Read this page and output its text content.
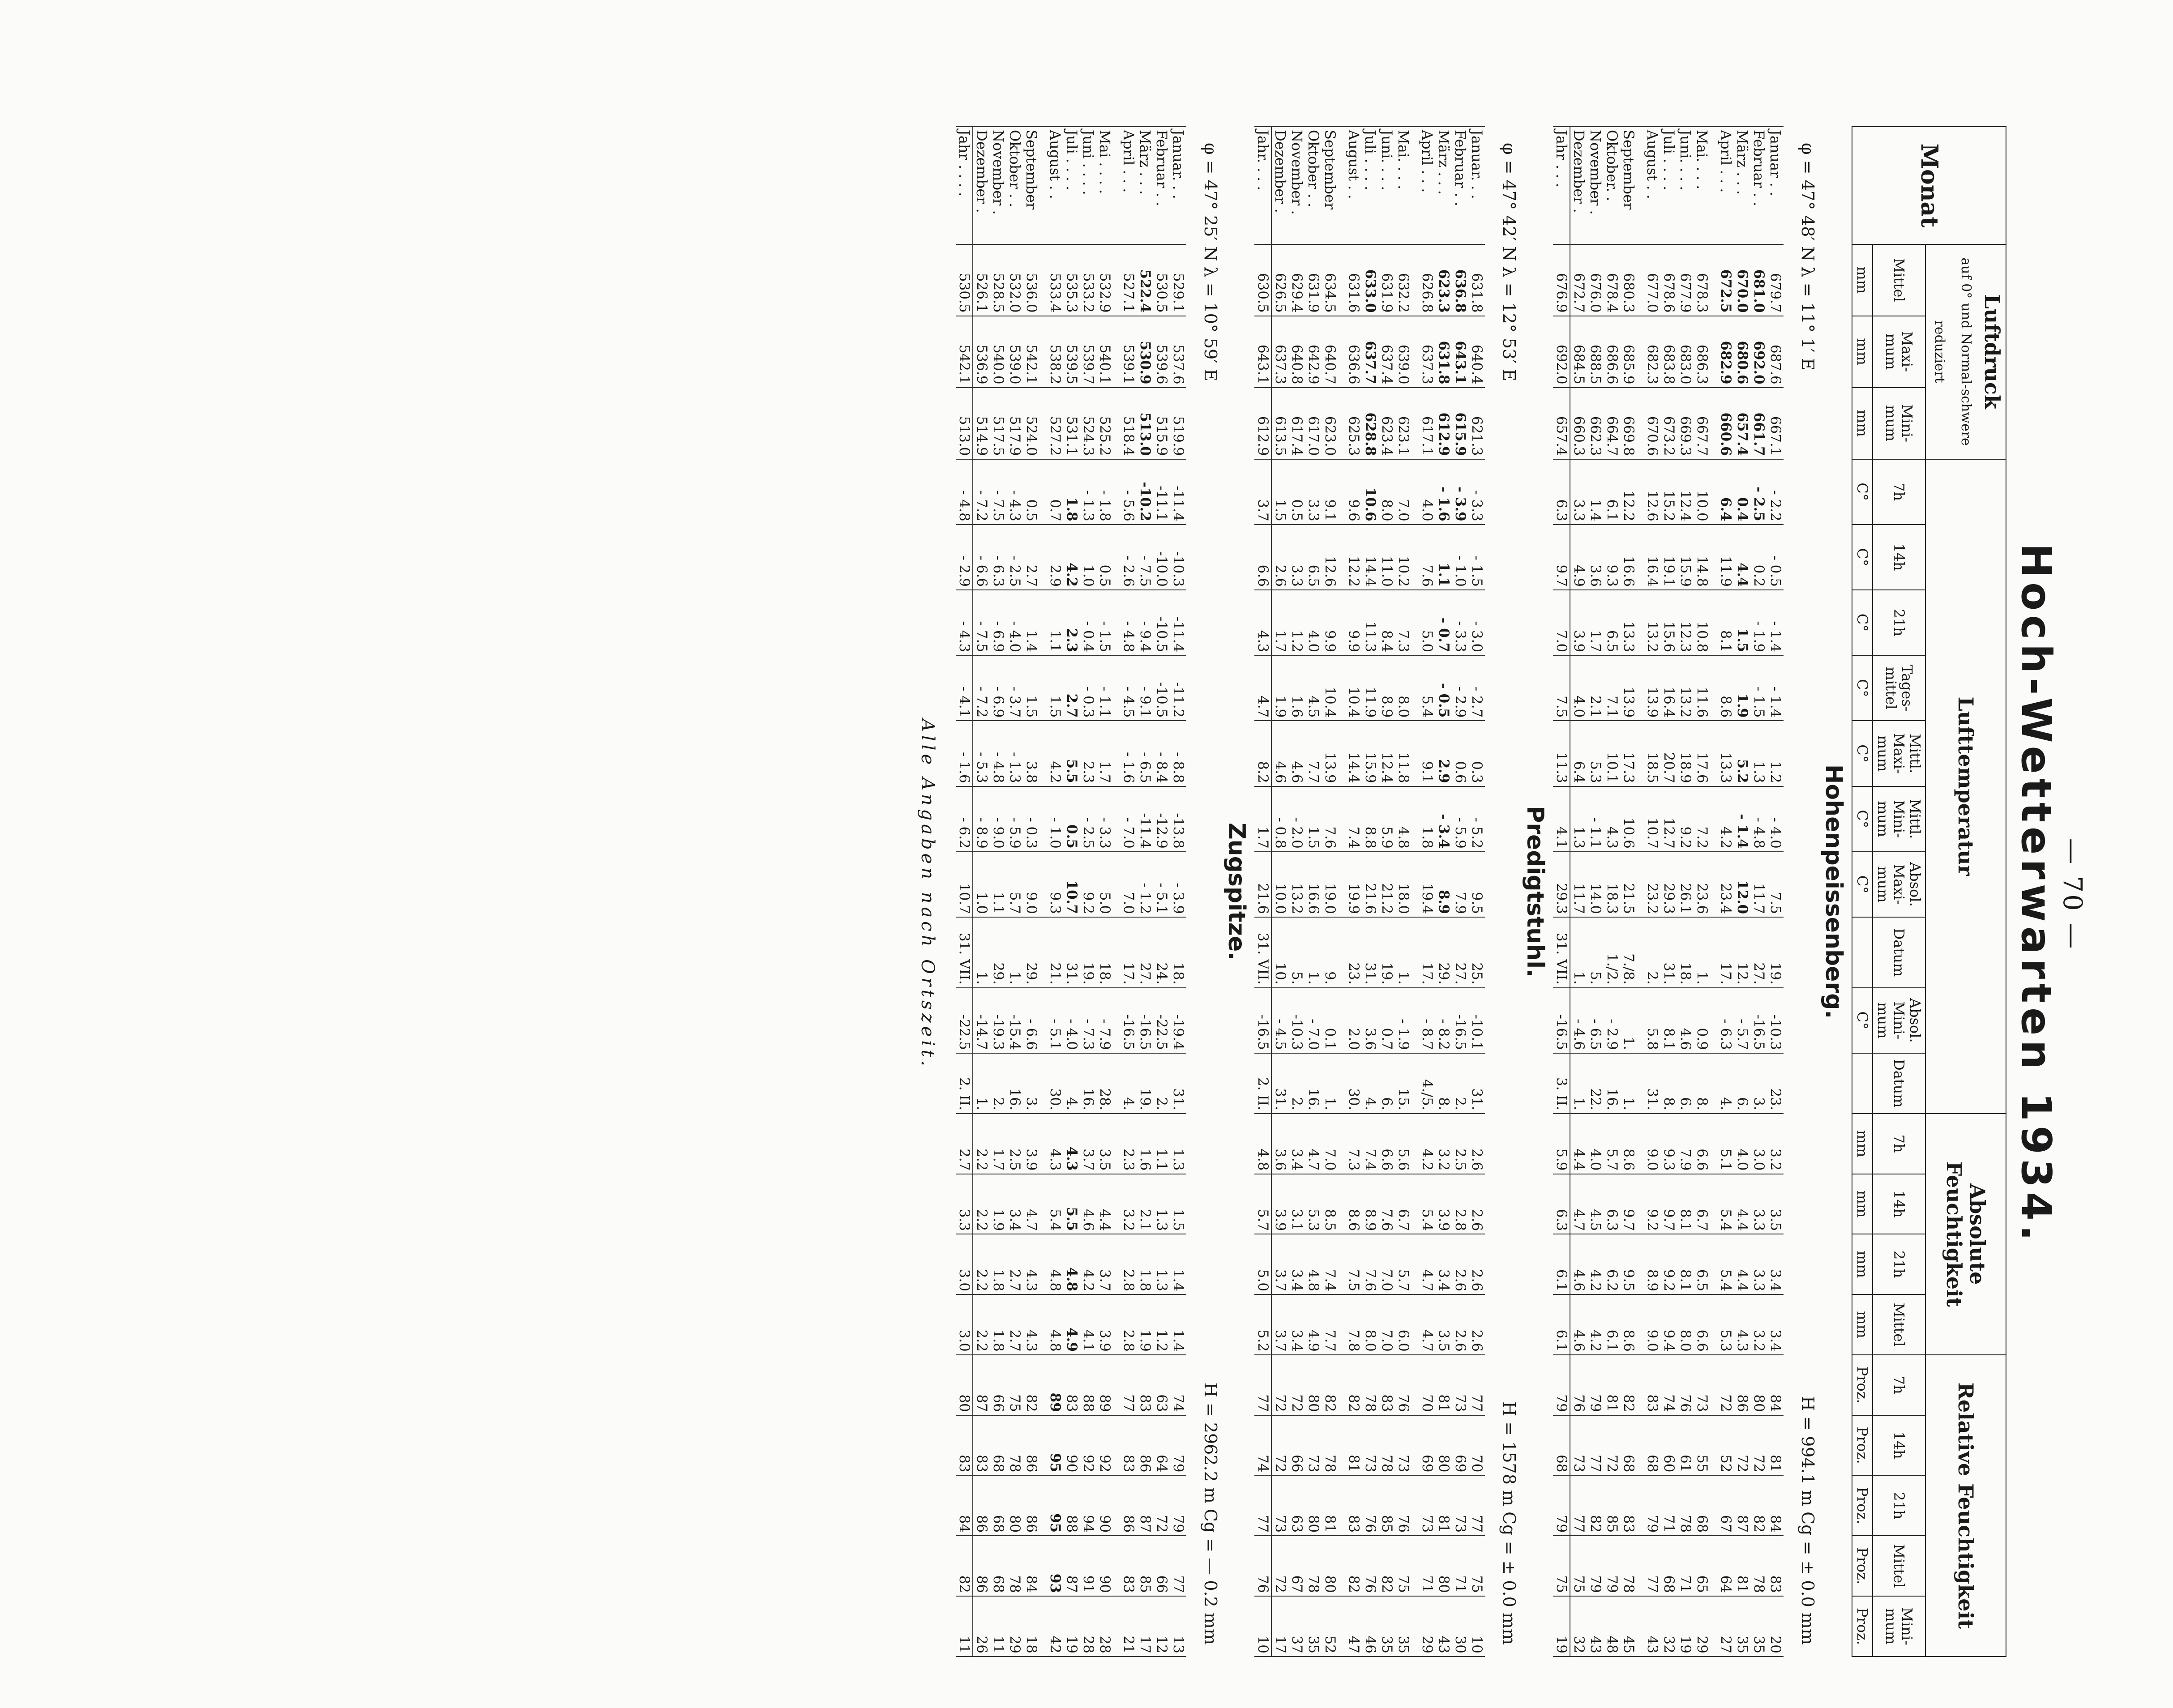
— 70 —
Hoch-Wetterwarten 1934.
Monat	Luftdruck
auf 0° und Normal-schwere reduziert			Lufttemperatur										Absolute Feuchtigkeit				Relative Feuchtigkeit				
	Mittel	Maxi-mum	Mini-mum	7h	14h	21h	Tages-mittel	Mittl. Maxi-mum	Mittl. Mini-mum	Absol. Maxi-mum	Datum	Absol. Mini-mum	Datum	7h	14h	21h	Mittel	7h	14h	21h	Mittel	Mini-mum
	mm	mm	mm	C°	C°	C°	C°	C°	C°	C°		C°		mm	mm	mm	mm	Proz.	Proz.	Proz.	Proz.	Proz.

Hohenpeissenberg.
φ = 47° 48′ N λ = 11° 1′ E
H = 994.1 m Cg = ± 0.0 mm																						

Januar . .	679.7	687.6	667.1	- 2.2	- 0.5	- 1.4	- 1.4	1.2	- 4.0	7.5	19.	-10.3	23.	3.2	3.5	3.4	3.4	84	81	84	83	20
Februar . .	681.0	692.0	661.7	- 2.5	0.2	- 1.9	- 1.5	1.3	- 4.8	11.7	27.	-16.5	3.	3.0	3.3	3.3	3.2	80	72	82	78	35
März . . .	670.0	680.6	657.4	0.4	4.4	1.5	1.9	5.2	- 1.4	12.0	12.	- 5.7	6.	4.0	4.4	4.4	4.3	86	72	87	81	35
April . . .	672.5	682.9	660.6	6.4	11.9	8.1	8.6	13.3	4.2	23.4	17.	- 6.3	4.	5.1	5.4	5.4	5.3	72	52	67	64	27
Mai. . . .	678.3	686.3	667.7	10.0	14.8	10.8	11.6	17.6	7.2	23.6	1.	0.9	8.	6.6	6.7	6.5	6.6	73	55	68	65	29
Juni. . . .	677.9	683.0	669.3	12.4	15.9	12.3	13.2	18.9	9.2	26.1	18.	4.6	6.	7.9	8.1	8.1	8.0	76	61	78	71	19
Juli . . . .	678.6	683.8	673.2	15.2	19.1	15.6	16.4	20.7	12.7	29.3	31.	8.1	8.	9.3	9.7	9.2	9.4	74	60	71	68	32
August . .	677.0	682.3	670.6	12.6	16.4	13.2	13.9	18.5	10.7	23.2	2.	5.8	31.	9.0	9.2	8.9	9.0	83	68	79	77	43
September	680.3	685.9	669.8	12.2	16.6	13.3	13.9	17.3	10.6	21.5	7./8.	1.	1.	8.6	9.7	9.5	8.6	82	68	83	78	45
Oktober. .	678.4	686.6	664.7	6.1	9.3	6.5	7.1	10.1	4.3	18.3	1./2.	- 2.9	16.	5.7	6.3	6.2	6.1	81	72	85	79	48
November .	676.0	688.5	662.3	1.4	3.6	1.7	2.1	5.3	- 1.1	14.0	5.	- 6.5	22.	4.0	4.5	4.2	4.2	79	77	82	79	43
Dezember .	672.7	684.5	660.3	3.3	4.9	3.9	4.0	6.4	1.3	11.7	1.	- 4.6	1.	4.4	4.7	4.6	4.6	76	73	77	75	32
Jahr . . .	676.9	692.0	657.4	6.3	9.7	7.0	7.5	11.3	4.1	29.3	31. VII.	-16.5	3. II.	5.9	6.3	6.1	6.1	79	68	79	75	19

Predigtstuhl.
φ = 47° 42′ N λ = 12° 53′ E
H = 1578 m Cg = ± 0.0 mm																						

Januar. . .	631.8	640.4	621.3	- 3.3	- 1.5	- 3.0	- 2.7	0.3	- 5.2	9.5	25.	-10.1	31.	2.6	2.6	2.6	2.6	77	70	77	75	10
Februar . .	636.8	643.1	615.9	- 3.9	- 1.0	- 3.3	- 2.9	0.6	- 5.9	7.9	27.	-16.5	2.	2.5	2.8	2.6	2.6	73	69	73	71	30
März . . .	623.3	631.8	612.9	- 1.6	1.1	- 0.7	- 0.5	2.9	- 3.4	8.9	29.	- 8.2	8.	3.2	3.9	3.4	3.5	81	80	81	80	43
April . . .	626.8	637.3	617.1	4.0	7.6	5.0	5.4	9.1	1.8	19.4	17.	- 8.7	4./5.	4.2	5.4	4.7	4.7	70	69	73	71	29
Mai. . . .	632.2	639.0	623.1	7.0	10.2	7.3	8.0	11.8	4.8	18.0	1.	- 1.9	15.	5.6	6.7	5.7	6.0	76	73	76	75	35
Juni. . . .	631.9	637.4	623.4	8.0	11.0	8.4	8.9	12.4	5.9	21.2	19.	0.7	6.	6.6	7.6	7.0	7.0	83	78	85	82	35
Juli . . . .	633.0	637.7	628.8	10.6	14.4	11.3	11.9	15.9	8.8	21.6	31.	3.6	4.	7.4	8.9	7.6	8.0	78	73	76	76	46
August . .	631.6	636.6	625.3	9.6	12.2	9.9	10.4	14.4	7.4	19.9	23.	2.0	30.	7.3	8.6	7.5	7.8	82	81	83	82	47
September	634.5	640.7	623.0	9.1	12.6	9.9	10.4	13.9	7.6	19.0	9.	0.1	1.	7.0	8.5	7.4	7.7	82	78	81	80	52
Oktober . .	631.9	642.9	617.0	3.3	6.5	4.0	4.5	7.7	1.5	16.6	1.	- 7.0	16.	4.7	5.3	4.8	4.9	80	73	80	78	35
November .	629.4	640.8	617.4	0.5	3.3	1.2	1.6	4.6	- 2.0	13.2	5.	-10.3	2.	3.4	3.1	3.4	3.4	72	66	63	67	37
Dezember .	626.5	637.3	613.5	1.5	2.6	1.7	1.9	4.6	- 0.8	10.0	10.	- 4.5	31.	3.6	3.9	3.7	3.7	72	72	73	72	17
Jahr. . . .	630.5	643.1	612.9	3.7	6.6	4.3	4.7	8.2	1.7	21.6	31. VII.	-16.5	2. II.	4.8	5.7	5.0	5.2	77	74	77	76	10

Zugspitze.
φ = 47° 25′ N λ = 10° 59′ E
H = 2962.2 m Cg = — 0.2 mm																						

Januar. . .	529.1	537.6	519.9	-11.4	-10.3	-11.4	-11.2	- 8.8	-13.8	- 3.9	18.	-19.4	31.	1.3	1.5	1.4	1.4	74	79	79	77	13
Februar . .	530.5	539.6	515.9	-11.1	-10.0	-10.5	-10.5	- 8.4	-12.9	- 5.1	24.	-22.5	2.	1.1	1.3	1.3	1.2	63	64	72	66	12
März . . .	522.4	530.9	513.0	-10.2	- 7.5	- 9.4	- 9.1	- 6.5	-11.4	- 1.2	27.	-16.5	19.	1.6	2.1	1.8	1.9	83	86	87	85	17
April . . .	527.1	539.1	518.4	- 5.6	- 2.6	- 4.8	- 4.5	- 1.6	- 7.0	7.0	17.	-16.5	4.	2.3	3.2	2.8	2.8	77	83	86	83	21
Mai . . . .	532.9	540.1	525.2	- 1.8	0.5	- 1.5	- 1.1	1.7	- 3.3	5.0	18.	- 7.9	28.	3.5	4.4	3.7	3.9	89	92	90	90	28
Juni . . . .	533.2	539.7	524.3	- 1.3	1.0	- 0.4	- 0.3	2.3	- 2.5	9.2	19.	- 7.3	16.	3.7	4.6	4.2	4.1	88	92	94	91	28
Juli . . . .	535.3	539.5	531.1	1.8	4.2	2.3	2.7	5.5	0.5	10.7	31.	- 4.0	4.	4.3	5.5	4.8	4.9	83	90	88	87	19
August . .	533.4	538.2	527.2	0.7	2.9	1.1	1.5	4.2	- 1.0	9.3	21.	- 5.1	30.	4.3	5.4	4.8	4.8	89	95	95	93	42
September	536.0	542.1	524.0	0.5	2.7	1.4	1.5	3.8	- 0.3	9.0	29.	- 6.6	3.	3.9	4.7	4.3	4.3	82	86	86	84	18
Oktober . .	532.0	539.0	517.9	- 4.3	- 2.5	- 4.0	- 3.7	- 1.3	- 5.9	5.7	1.	-15.4	16.	2.5	3.4	2.7	2.7	75	78	80	78	29
November .	528.5	540.0	517.5	- 7.5	- 6.3	- 6.9	- 6.9	- 4.8	- 9.0	1.1	29.	-19.3	2.	1.7	1.9	1.8	1.8	66	68	68	68	11
Dezember .	526.1	536.9	514.9	- 7.2	- 6.6	- 7.5	- 7.2	- 5.3	- 8.9	1.0	1.	-14.7	1.	2.2	2.2	2.2	2.2	87	83	86	86	26
Jahr . . . .	530.5	542.1	513.0	- 4.8	- 2.9	- 4.3	- 4.1	- 1.6	- 6.2	10.7	31. VII.	-22.5	2. II.	2.7	3.3	3.0	3.0	80	83	84	82	11
Alle Angaben nach Ortszeit.
